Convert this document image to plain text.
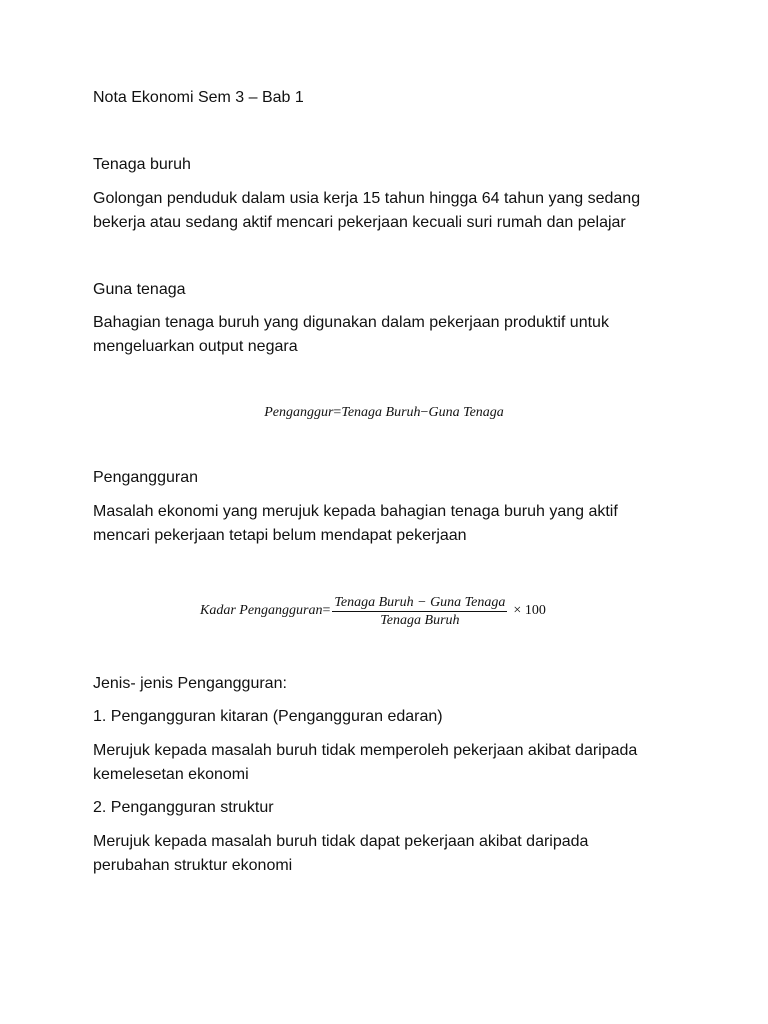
Nota Ekonomi Sem 3 – Bab 1
Tenaga buruh
Golongan penduduk dalam usia kerja 15 tahun hingga 64 tahun yang sedang
bekerja atau sedang aktif mencari pekerjaan kecuali suri rumah dan pelajar
Guna tenaga
Bahagian tenaga buruh yang digunakan dalam pekerjaan produktif untuk
mengeluarkan output negara
Penganggur=Tenaga Buruh−Guna Tenaga
Pengangguran
Masalah ekonomi yang merujuk kepada bahagian tenaga buruh yang aktif
mencari pekerjaan tetapi belum mendapat pekerjaan
Kadar Pengangguran = $\frac{\text{Tenaga Buruh − Guna Tenaga}}{\text{Tenaga Buruh}}$ ×
100
Jenis- jenis Pengangguran:
1. Pengangguran kitaran (Pengangguran edaran)
Merujuk kepada masalah buruh tidak memperoleh pekerjaan akibat daripada
kemelesetan ekonomi
2. Pengangguran struktur
Merujuk kepada masalah buruh tidak dapat pekerjaan akibat daripada
perubahan struktur ekonomi
